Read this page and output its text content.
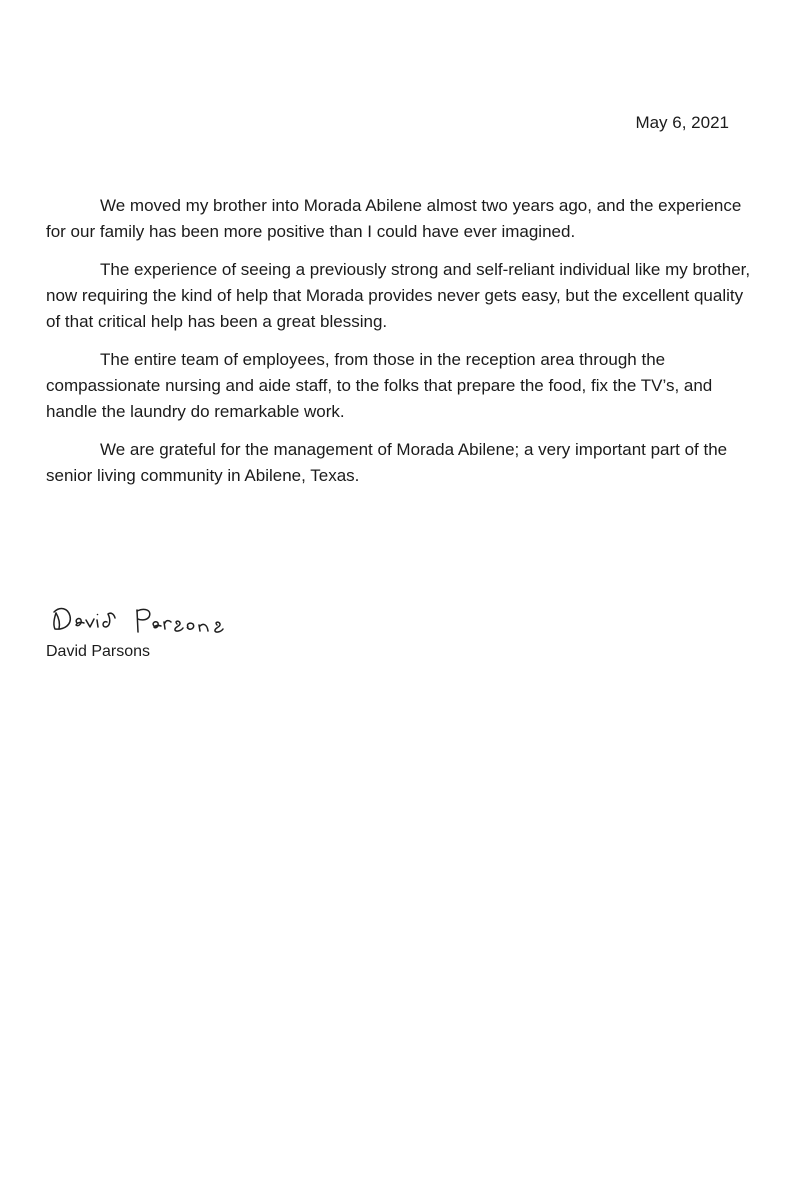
May 6, 2021

We moved my brother into Morada Abilene almost two years ago, and the experience for our family has been more positive than I could have ever imagined.

The experience of seeing a previously strong and self-reliant individual like my brother, now requiring the kind of help that Morada provides never gets easy, but the excellent quality of that critical help has been a great blessing.

The entire team of employees, from those in the reception area through the compassionate nursing and aide staff, to the folks that prepare the food, fix the TV’s, and handle the laundry do remarkable work.

We are grateful for the management of Morada Abilene; a very important part of the senior living community in Abilene, Texas.

David Parsons
